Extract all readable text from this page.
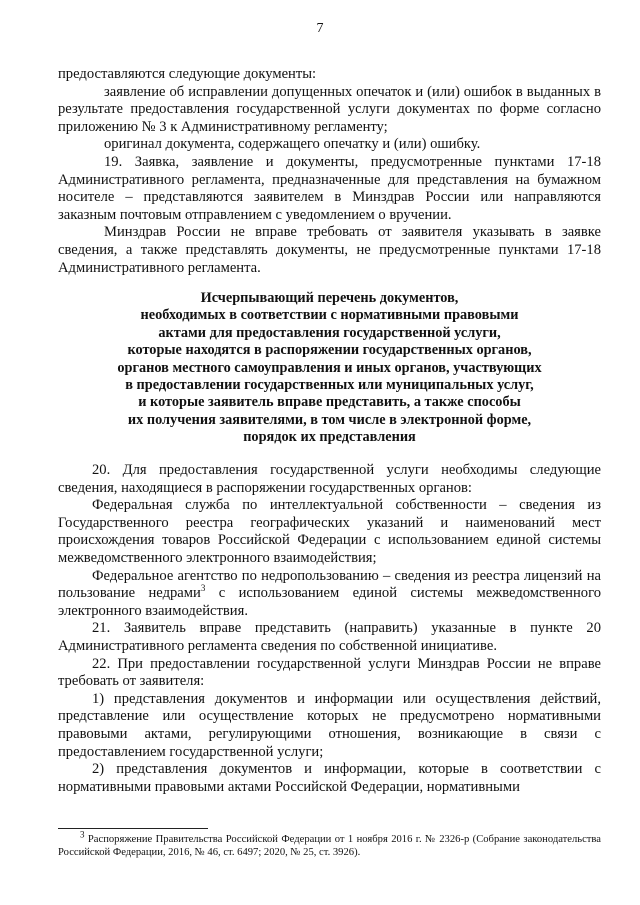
7

предоставляются следующие документы:

заявление об исправлении допущенных опечаток и (или) ошибок в выданных в результате предоставления государственной услуги документах по форме согласно приложению № 3 к Административному регламенту;

оригинал документа, содержащего опечатку и (или) ошибку.

19. Заявка, заявление и документы, предусмотренные пунктами 17-18 Административного регламента, предназначенные для представления на бумажном носителе – представляются заявителем в Минздрав России или направляются заказным почтовым отправлением с уведомлением о вручении.

Минздрав России не вправе требовать от заявителя указывать в заявке сведения, а также представлять документы, не предусмотренные пунктами 17-18 Административного регламента.

Исчерпывающий перечень документов,
необходимых в соответствии с нормативными правовыми
актами для предоставления государственной услуги,
которые находятся в распоряжении государственных органов,
органов местного самоуправления и иных органов, участвующих
в предоставлении государственных или муниципальных услуг,
и которые заявитель вправе представить, а также способы
их получения заявителями, в том числе в электронной форме,
порядок их представления

20. Для предоставления государственной услуги необходимы следующие сведения, находящиеся в распоряжении государственных органов:

Федеральная служба по интеллектуальной собственности – сведения из Государственного реестра географических указаний и наименований мест происхождения товаров Российской Федерации с использованием единой системы межведомственного электронного взаимодействия;

Федеральное агентство по недропользованию – сведения из реестра лицензий на пользование недрами$^3$ с использованием единой системы межведомственного электронного взаимодействия.

21. Заявитель вправе представить (направить) указанные в пункте 20 Административного регламента сведения по собственной инициативе.

22. При предоставлении государственной услуги Минздрав России не вправе требовать от заявителя:

1) представления документов и информации или осуществления действий, представление или осуществление которых не предусмотрено нормативными правовыми актами, регулирующими отношения, возникающие в связи с предоставлением государственной услуги;

2) представления документов и информации, которые в соответствии с нормативными правовыми актами Российской Федерации, нормативными

$^3$ Распоряжение Правительства Российской Федерации от 1 ноября 2016 г. № 2326-р (Собрание законодательства Российской Федерации, 2016, № 46, ст. 6497; 2020, № 25, ст. 3926).
